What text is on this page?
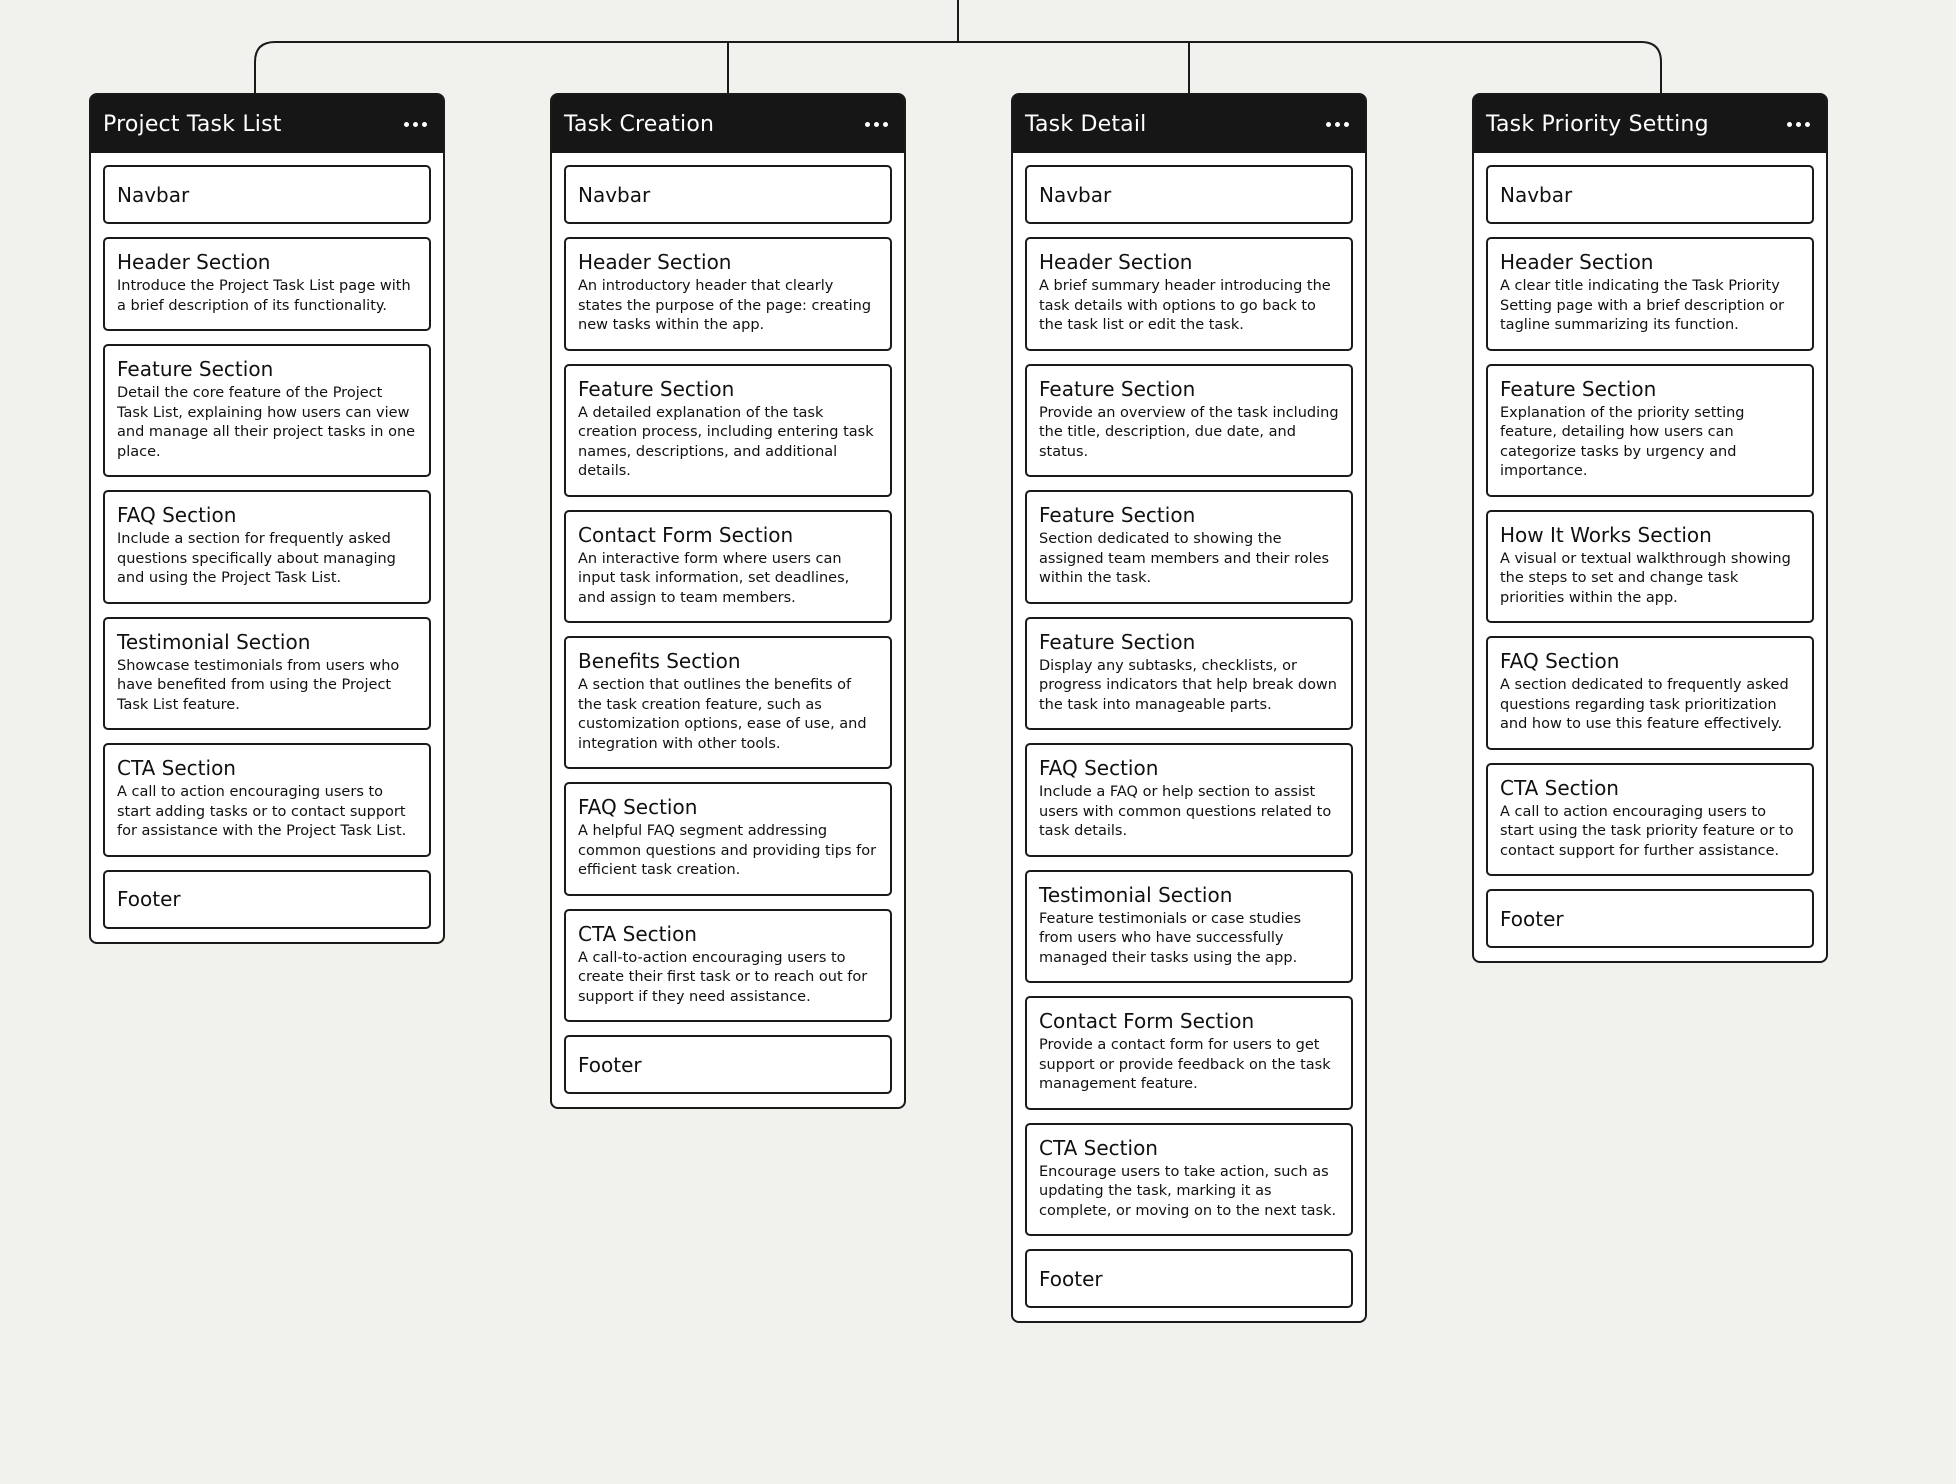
Project Task List
Navbar
Header Section
Introduce the Project Task List page with a brief description of its functionality.
Feature Section
Detail the core feature of the Project Task List, explaining how users can view and manage all their project tasks in one place.
FAQ Section
Include a section for frequently asked questions specifically about managing and using the Project Task List.
Testimonial Section
Showcase testimonials from users who have benefited from using the Project Task List feature.
CTA Section
A call to action encouraging users to start adding tasks or to contact support for assistance with the Project Task List.
Footer
Task Creation
Navbar
Header Section
An introductory header that clearly states the purpose of the page: creating new tasks within the app.
Feature Section
A detailed explanation of the task creation process, including entering task names, descriptions, and additional details.
Contact Form Section
An interactive form where users can input task information, set deadlines, and assign to team members.
Benefits Section
A section that outlines the benefits of the task creation feature, such as customization options, ease of use, and integration with other tools.
FAQ Section
A helpful FAQ segment addressing common questions and providing tips for efficient task creation.
CTA Section
A call-to-action encouraging users to create their first task or to reach out for support if they need assistance.
Footer
Task Detail
Navbar
Header Section
A brief summary header introducing the task details with options to go back to the task list or edit the task.
Feature Section
Provide an overview of the task including the title, description, due date, and status.
Feature Section
Section dedicated to showing the assigned team members and their roles within the task.
Feature Section
Display any subtasks, checklists, or progress indicators that help break down the task into manageable parts.
FAQ Section
Include a FAQ or help section to assist users with common questions related to task details.
Testimonial Section
Feature testimonials or case studies from users who have successfully managed their tasks using the app.
Contact Form Section
Provide a contact form for users to get support or provide feedback on the task management feature.
CTA Section
Encourage users to take action, such as updating the task, marking it as complete, or moving on to the next task.
Footer
Task Priority Setting
Navbar
Header Section
A clear title indicating the Task Priority Setting page with a brief description or tagline summarizing its function.
Feature Section
Explanation of the priority setting feature, detailing how users can categorize tasks by urgency and importance.
How It Works Section
A visual or textual walkthrough showing the steps to set and change task priorities within the app.
FAQ Section
A section dedicated to frequently asked questions regarding task prioritization and how to use this feature effectively.
CTA Section
A call to action encouraging users to start using the task priority feature or to contact support for further assistance.
Footer
